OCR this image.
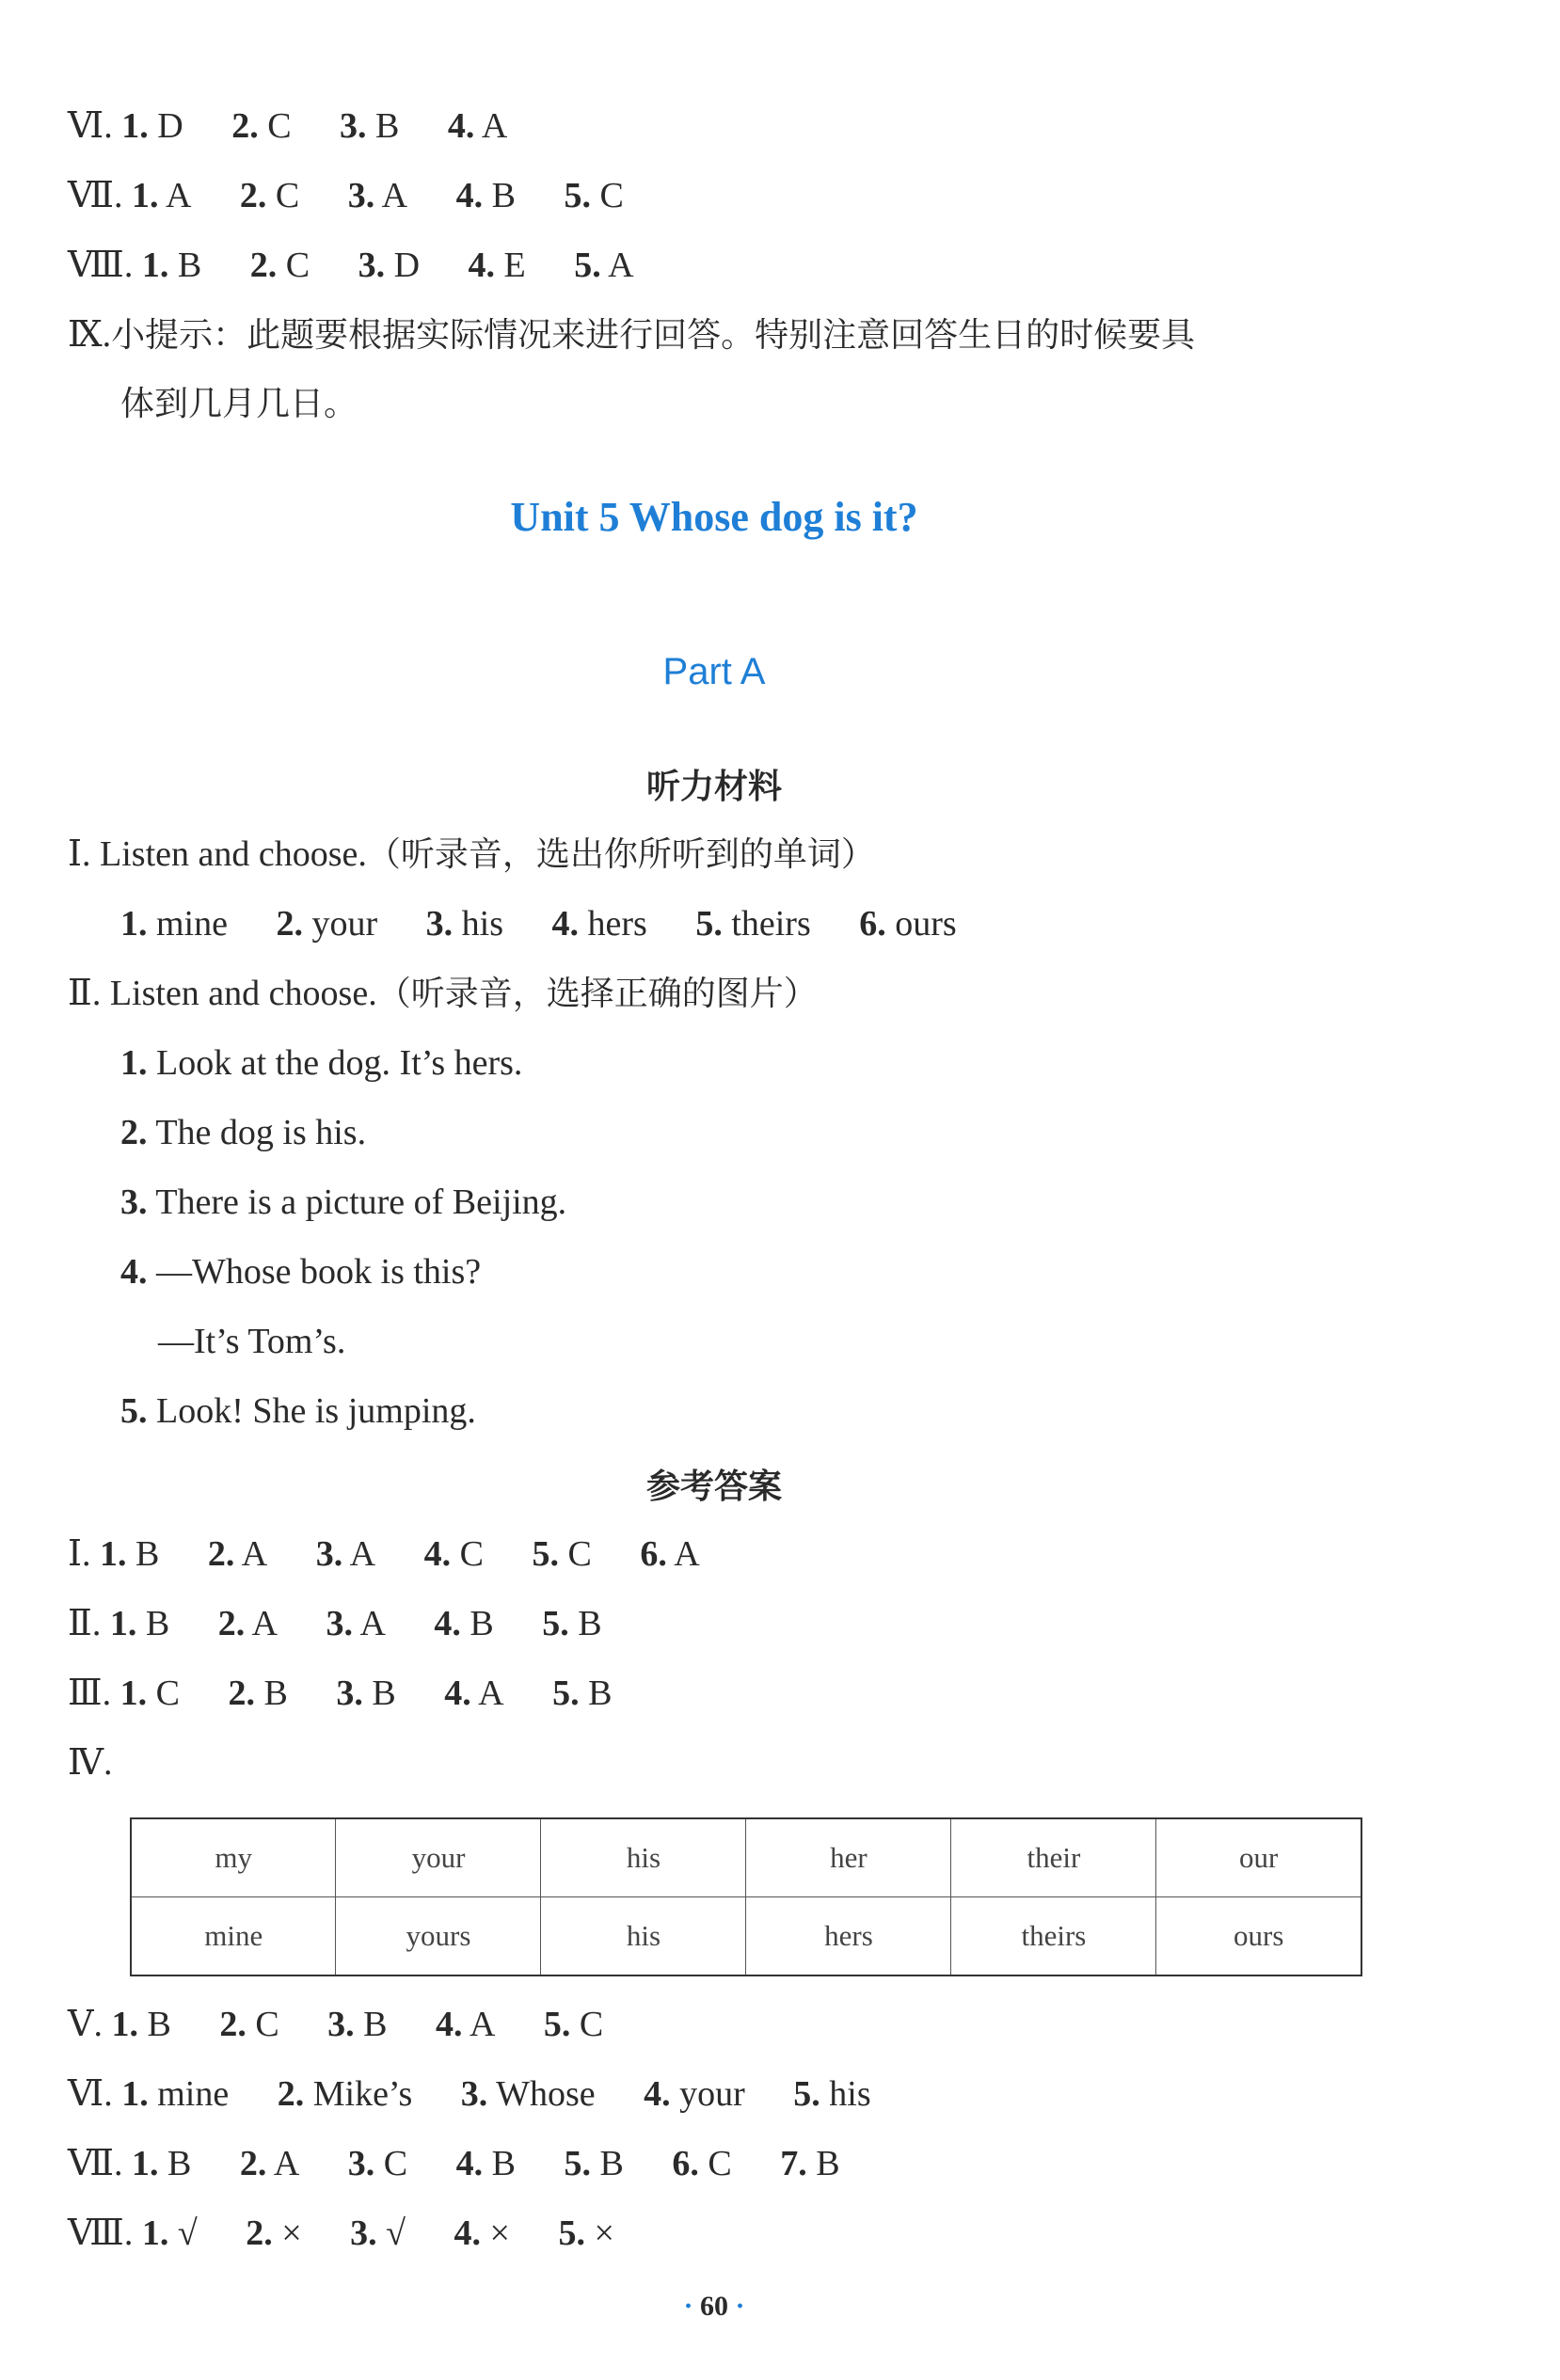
Ⅵ. 1. D 2. C 3. B 4. A
Ⅶ. 1. A 2. C 3. A 4. B 5. C
Ⅷ. 1. B 2. C 3. D 4. E 5. A
Ⅸ.小提示：此题要根据实际情况来进行回答。特别注意回答生日的时候要具
体到几月几日。
Unit 5 Whose dog is it?
Part A
听力材料
Ⅰ. Listen and choose.（听录音，选出你所听到的单词）
1. mine 2. your 3. his 4. hers 5. theirs 6. ours
Ⅱ. Listen and choose.（听录音，选择正确的图片）
1. Look at the dog. It’s hers.
2. The dog is his.
3. There is a picture of Beijing.
4. —Whose book is this?
—It’s Tom’s.
5. Look! She is jumping.
参考答案
Ⅰ. 1. B 2. A 3. A 4. C 5. C 6. A
Ⅱ. 1. B 2. A 3. A 4. B 5. B
Ⅲ. 1. C 2. B 3. B 4. A 5. B
Ⅳ.
my	your	his	her	their	our
mine	yours	his	hers	theirs	ours
Ⅴ. 1. B 2. C 3. B 4. A 5. C
Ⅵ. 1. mine 2. Mike’s 3. Whose 4. your 5. his
Ⅶ. 1. B 2. A 3. C 4. B 5. B 6. C 7. B
Ⅷ. 1. √ 2. × 3. √ 4. × 5. ×
· 60 ·
